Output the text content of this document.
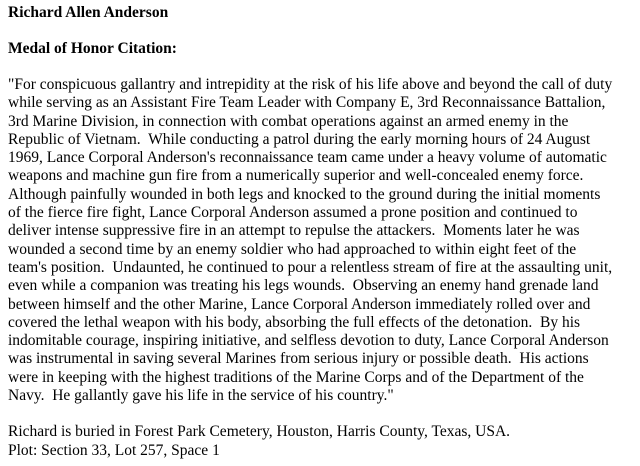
Richard Allen Anderson

Medal of Honor Citation:

"For conspicuous gallantry and intrepidity at the risk of his life above and beyond the call of duty
while serving as an Assistant Fire Team Leader with Company E, 3rd Reconnaissance Battalion,
3rd Marine Division, in connection with combat operations against an armed enemy in the
Republic of Vietnam.  While conducting a patrol during the early morning hours of 24 August
1969, Lance Corporal Anderson's reconnaissance team came under a heavy volume of automatic
weapons and machine gun fire from a numerically superior and well-concealed enemy force.
Although painfully wounded in both legs and knocked to the ground during the initial moments
of the fierce fire fight, Lance Corporal Anderson assumed a prone position and continued to
deliver intense suppressive fire in an attempt to repulse the attackers.  Moments later he was
wounded a second time by an enemy soldier who had approached to within eight feet of the
team's position.  Undaunted, he continued to pour a relentless stream of fire at the assaulting unit,
even while a companion was treating his legs wounds.  Observing an enemy hand grenade land
between himself and the other Marine, Lance Corporal Anderson immediately rolled over and
covered the lethal weapon with his body, absorbing the full effects of the detonation.  By his
indomitable courage, inspiring initiative, and selfless devotion to duty, Lance Corporal Anderson
was instrumental in saving several Marines from serious injury or possible death.  His actions
were in keeping with the highest traditions of the Marine Corps and of the Department of the
Navy.  He gallantly gave his life in the service of his country."
Richard is buried in Forest Park Cemetery, Houston, Harris County, Texas, USA.
Plot: Section 33, Lot 257, Space 1
